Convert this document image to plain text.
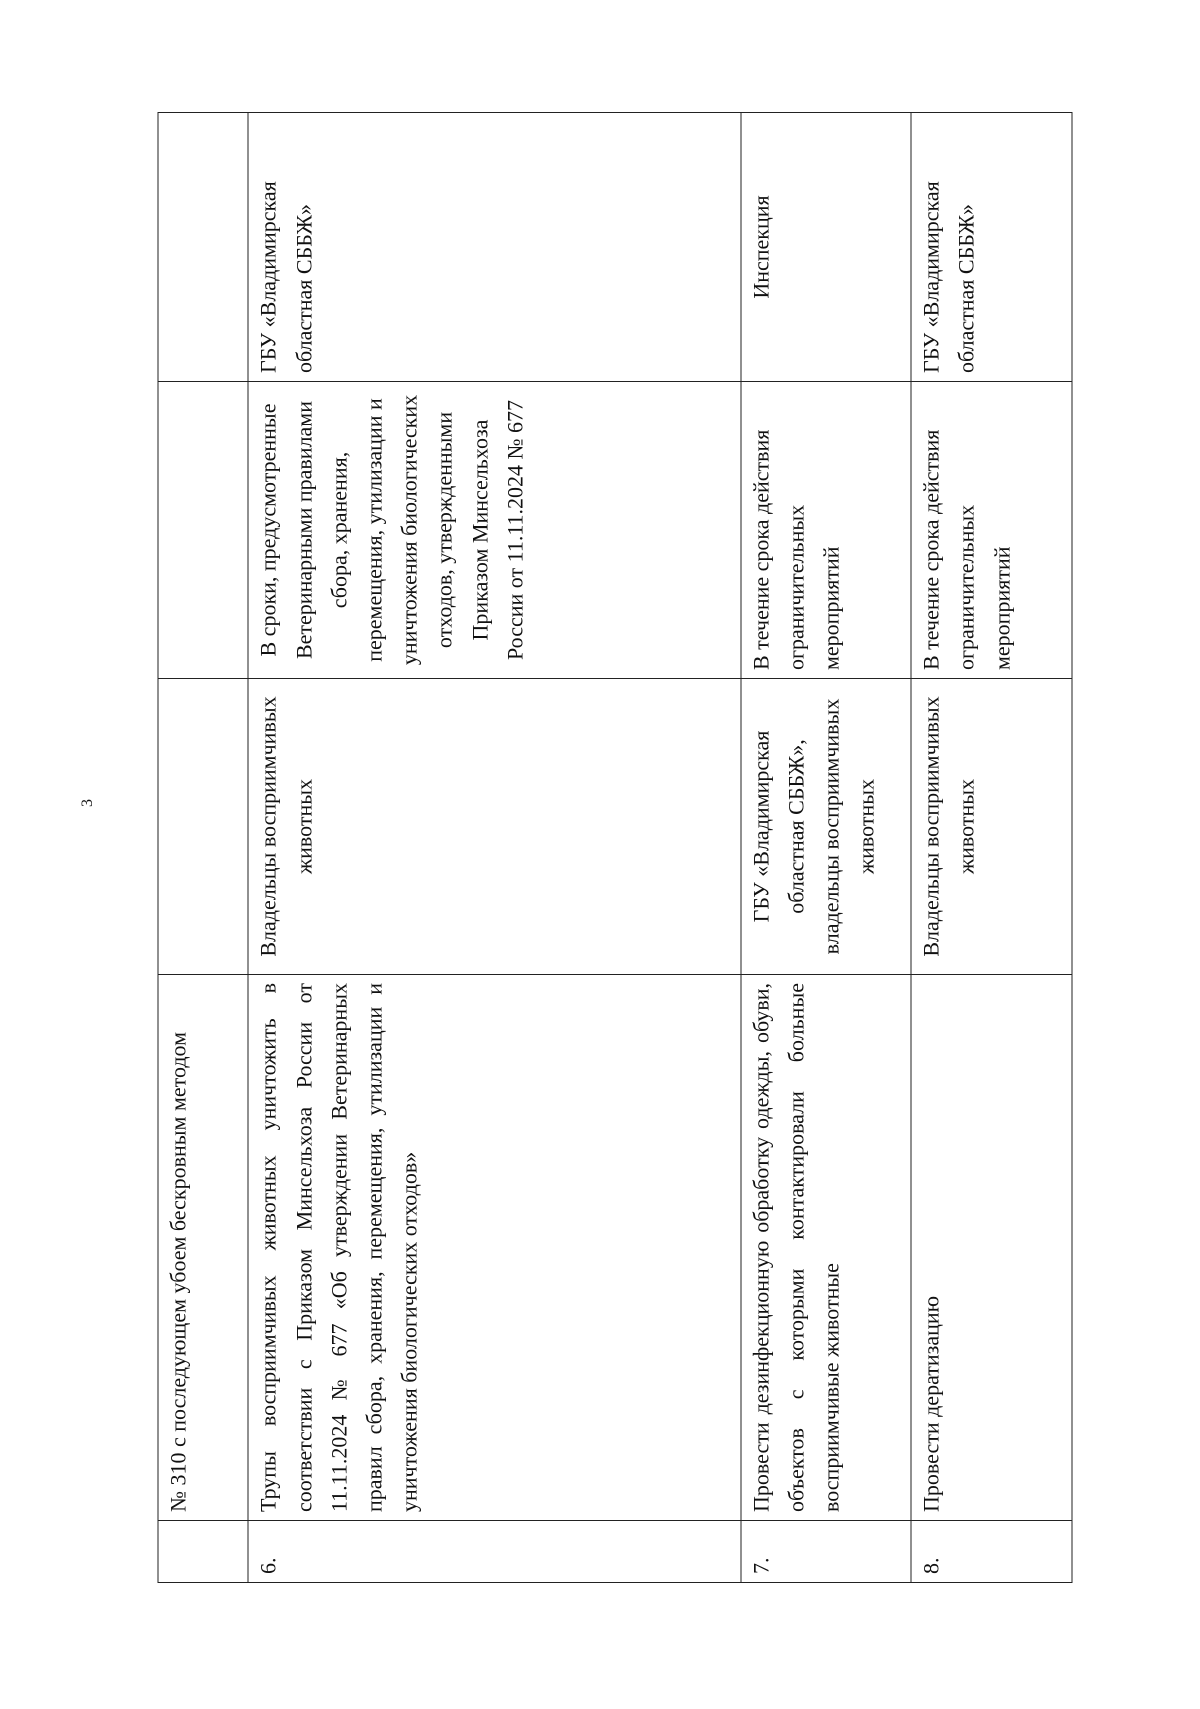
3
	№ 310 с последующем убоем бескровным методом			
6.	Трупы восприимчивых животных уничтожить в соответствии с Приказом Минсельхоза России от 11.11.2024 № 677 «Об утверждении Ветеринарных правил сбора, хранения, перемещения, утилизации и уничтожения биологических отходов»	Владельцы восприимчивых животных	В сроки, предусмотренные Ветеринарными правилами сбора, хранения, перемещения, утилизации и уничтожения биологических отходов, утвержденными Приказом Минсельхоза России от 11.11.2024 № 677	ГБУ «Владимирская областная СББЖ»
7.	Провести дезинфекционную обработку одежды, обуви, объектов с которыми контактировали больные восприимчивые животные	ГБУ «Владимирская областная СББЖ», владельцы восприимчивых животных	В течение срока действия ограничительных мероприятий	Инспекция
8.	Провести дератизацию	Владельцы восприимчивых животных	В течение срока действия ограничительных мероприятий	ГБУ «Владимирская областная СББЖ»
